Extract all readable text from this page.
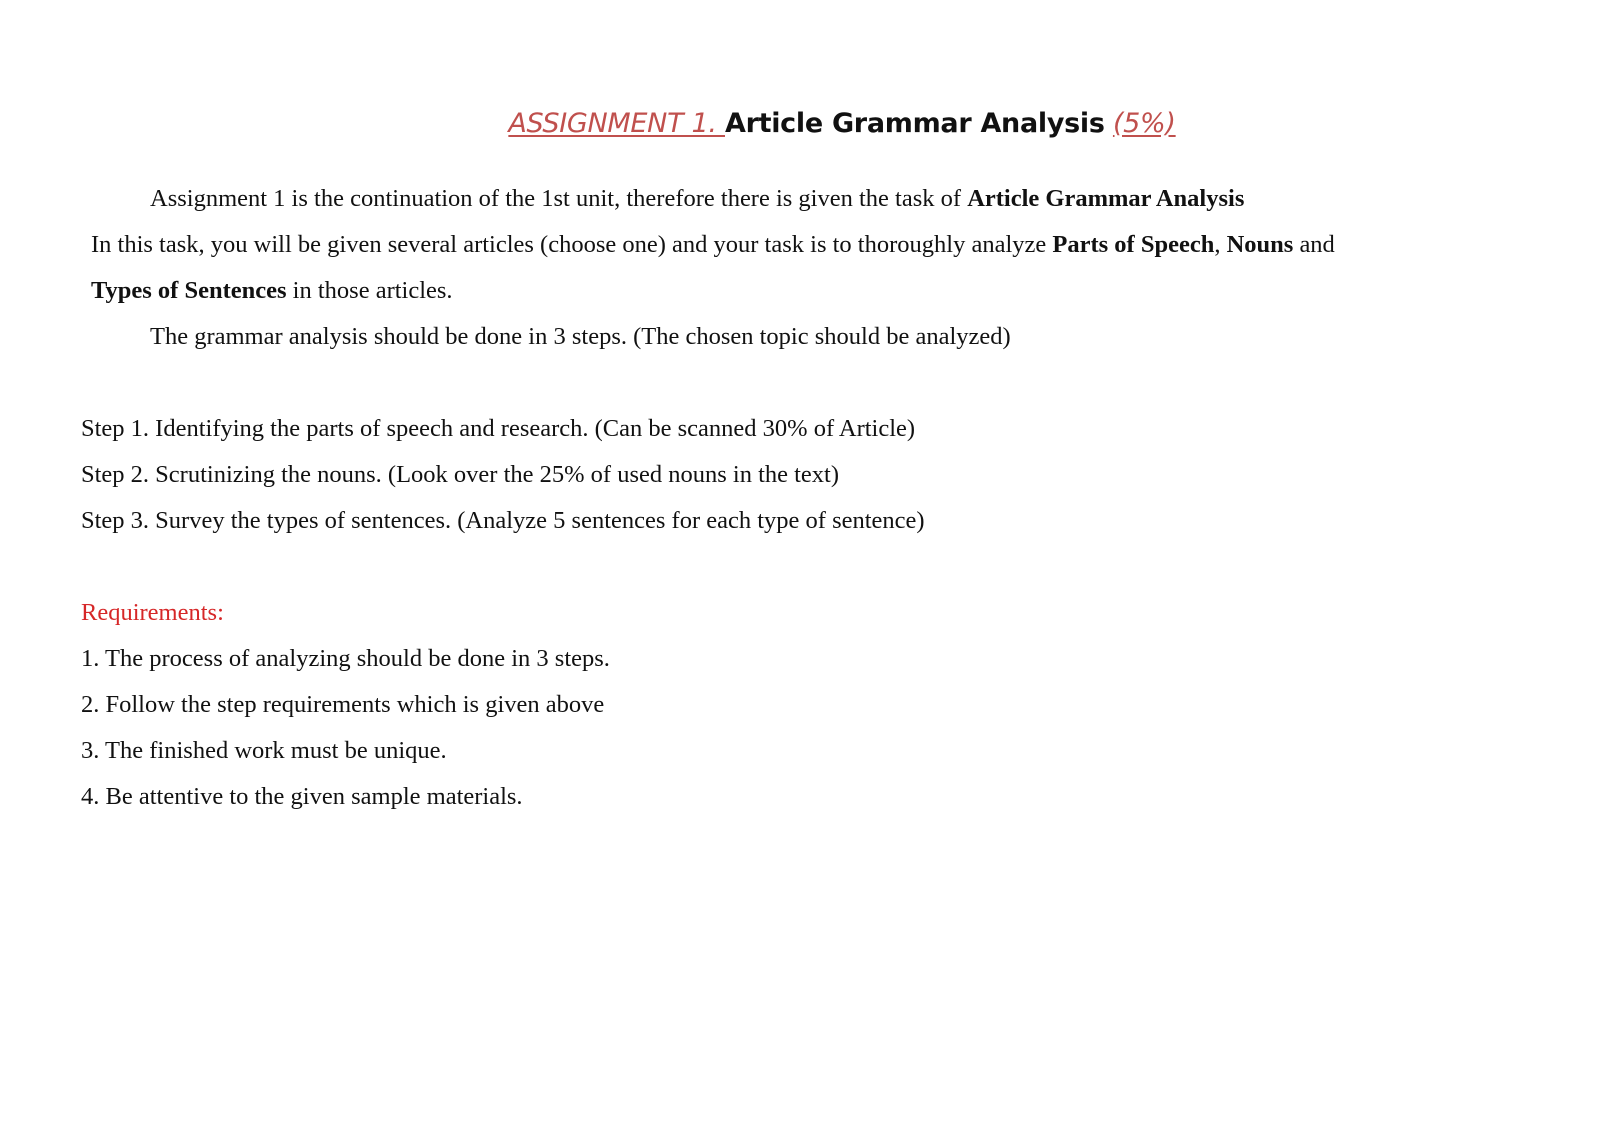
ASSIGNMENT 1. Article Grammar Analysis (5%)
Assignment 1 is the continuation of the 1st unit, therefore there is given the task of Article Grammar Analysis
In this task, you will be given several articles (choose one) and your task is to thoroughly analyze Parts of Speech, Nouns and
Types of Sentences in those articles.
The grammar analysis should be done in 3 steps. (The chosen topic should be analyzed)
Step 1. Identifying the parts of speech and research. (Can be scanned 30% of Article)
Step 2. Scrutinizing the nouns. (Look over the 25% of used nouns in the text)
Step 3. Survey the types of sentences. (Analyze 5 sentences for each type of sentence)
Requirements:
1. The process of analyzing should be done in 3 steps.
2. Follow the step requirements which is given above
3. The finished work must be unique.
4. Be attentive to the given sample materials.
